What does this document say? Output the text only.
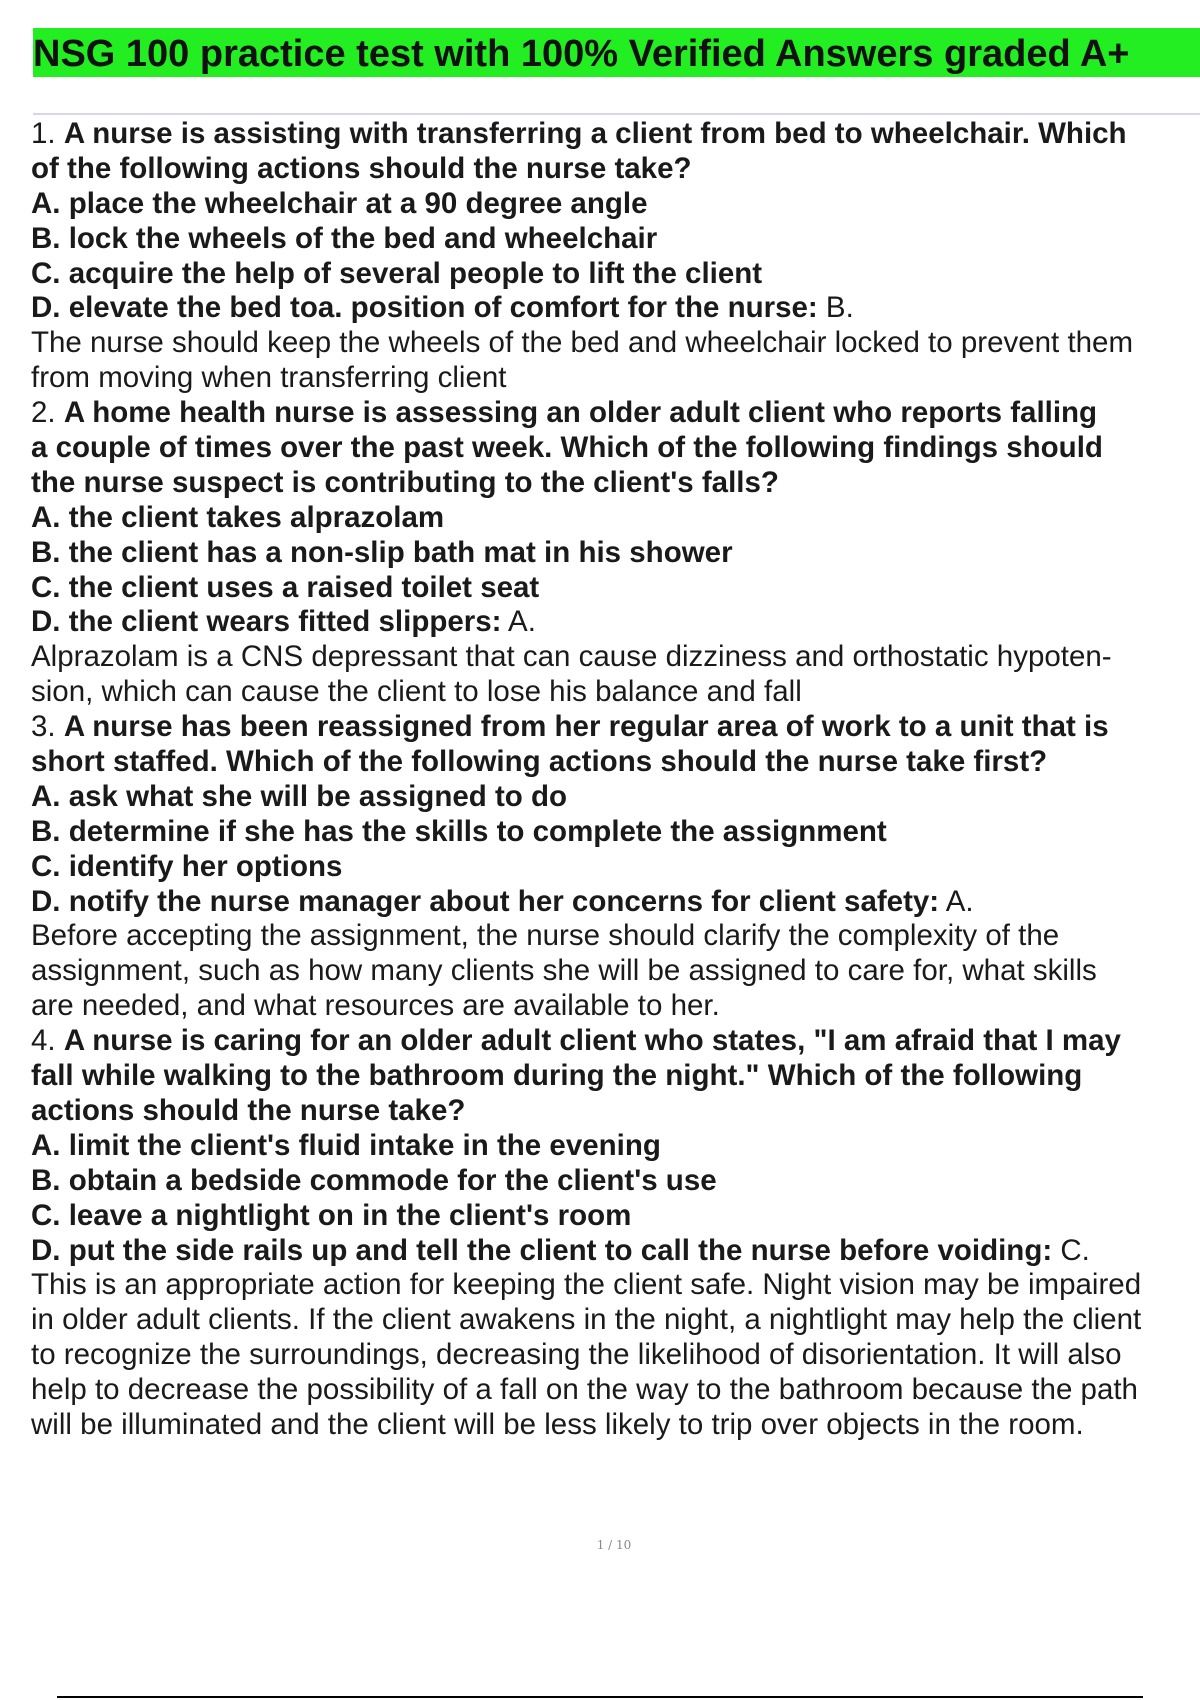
NSG 100 practice test with 100% Verified Answers graded A+
1. A nurse is assisting with transferring a client from bed to wheelchair. Which
of the following actions should the nurse take?
A. place the wheelchair at a 90 degree angle
B. lock the wheels of the bed and wheelchair
C. acquire the help of several people to lift the client
D. elevate the bed toa. position of comfort for the nurse: B.
The nurse should keep the wheels of the bed and wheelchair locked to prevent them
from moving when transferring client
2. A home health nurse is assessing an older adult client who reports falling
a couple of times over the past week. Which of the following findings should
the nurse suspect is contributing to the client's falls?
A. the client takes alprazolam
B. the client has a non-slip bath mat in his shower
C. the client uses a raised toilet seat
D. the client wears fitted slippers: A.
Alprazolam is a CNS depressant that can cause dizziness and orthostatic hypoten-
sion, which can cause the client to lose his balance and fall
3. A nurse has been reassigned from her regular area of work to a unit that is
short staffed. Which of the following actions should the nurse take first?
A. ask what she will be assigned to do
B. determine if she has the skills to complete the assignment
C. identify her options
D. notify the nurse manager about her concerns for client safety: A.
Before accepting the assignment, the nurse should clarify the complexity of the
assignment, such as how many clients she will be assigned to care for, what skills
are needed, and what resources are available to her.
4. A nurse is caring for an older adult client who states, "I am afraid that I may
fall while walking to the bathroom during the night." Which of the following
actions should the nurse take?
A. limit the client's fluid intake in the evening
B. obtain a bedside commode for the client's use
C. leave a nightlight on in the client's room
D. put the side rails up and tell the client to call the nurse before voiding: C.
This is an appropriate action for keeping the client safe. Night vision may be impaired
in older adult clients. If the client awakens in the night, a nightlight may help the client
to recognize the surroundings, decreasing the likelihood of disorientation. It will also
help to decrease the possibility of a fall on the way to the bathroom because the path
will be illuminated and the client will be less likely to trip over objects in the room.
1 / 10
